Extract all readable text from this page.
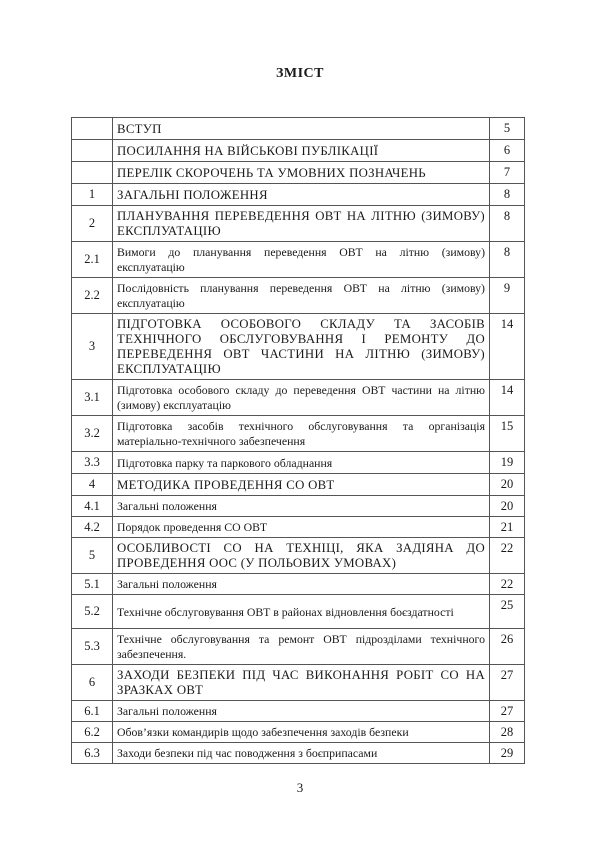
ЗМІСТ
	ВСТУП	5
	ПОСИЛАННЯ НА ВІЙСЬКОВІ ПУБЛІКАЦІЇ	6
	ПЕРЕЛІК СКОРОЧЕНЬ ТА УМОВНИХ ПОЗНАЧЕНЬ	7
1	ЗАГАЛЬНІ ПОЛОЖЕННЯ	8
2	ПЛАНУВАННЯ ПЕРЕВЕДЕННЯ ОВТ НА ЛІТНЮ (ЗИМОВУ) ЕКСПЛУАТАЦІЮ	8
2.1	Вимоги до планування переведення ОВТ на літню (зимову) експлуатацію	8
2.2	Послідовність планування переведення ОВТ на літню (зимову) експлуатацію	9
3	ПІДГОТОВКА ОСОБОВОГО СКЛАДУ ТА ЗАСОБІВ ТЕХНІЧНОГО ОБСЛУГОВУВАННЯ І РЕМОНТУ ДО ПЕРЕВЕДЕННЯ ОВТ ЧАСТИНИ НА ЛІТНЮ (ЗИМОВУ) ЕКСПЛУАТАЦІЮ	14
3.1	Підготовка особового складу до переведення ОВТ частини на літню (зимову) експлуатацію	14
3.2	Підготовка засобів технічного обслуговування та організація матеріально-технічного забезпечення	15
3.3	Підготовка парку та паркового обладнання	19
4	МЕТОДИКА ПРОВЕДЕННЯ СО ОВТ	20
4.1	Загальні положення	20
4.2	Порядок проведення СО ОВТ	21
5	ОСОБЛИВОСТІ СО НА ТЕХНІЦІ, ЯКА ЗАДІЯНА ДО ПРОВЕДЕННЯ ООС (У ПОЛЬОВИХ УМОВАХ)	22
5.1	Загальні положення	22
5.2	Технічне обслуговування ОВТ в районах відновлення боєздатності	25
5.3	Технічне обслуговування та ремонт ОВТ підрозділами технічного забезпечення.	26
6	ЗАХОДИ БЕЗПЕКИ ПІД ЧАС ВИКОНАННЯ РОБІТ СО НА ЗРАЗКАХ ОВТ	27
6.1	Загальні положення	27
6.2	Обов’язки командирів щодо забезпечення заходів безпеки	28
6.3	Заходи безпеки під час поводження з боєприпасами	29
3
